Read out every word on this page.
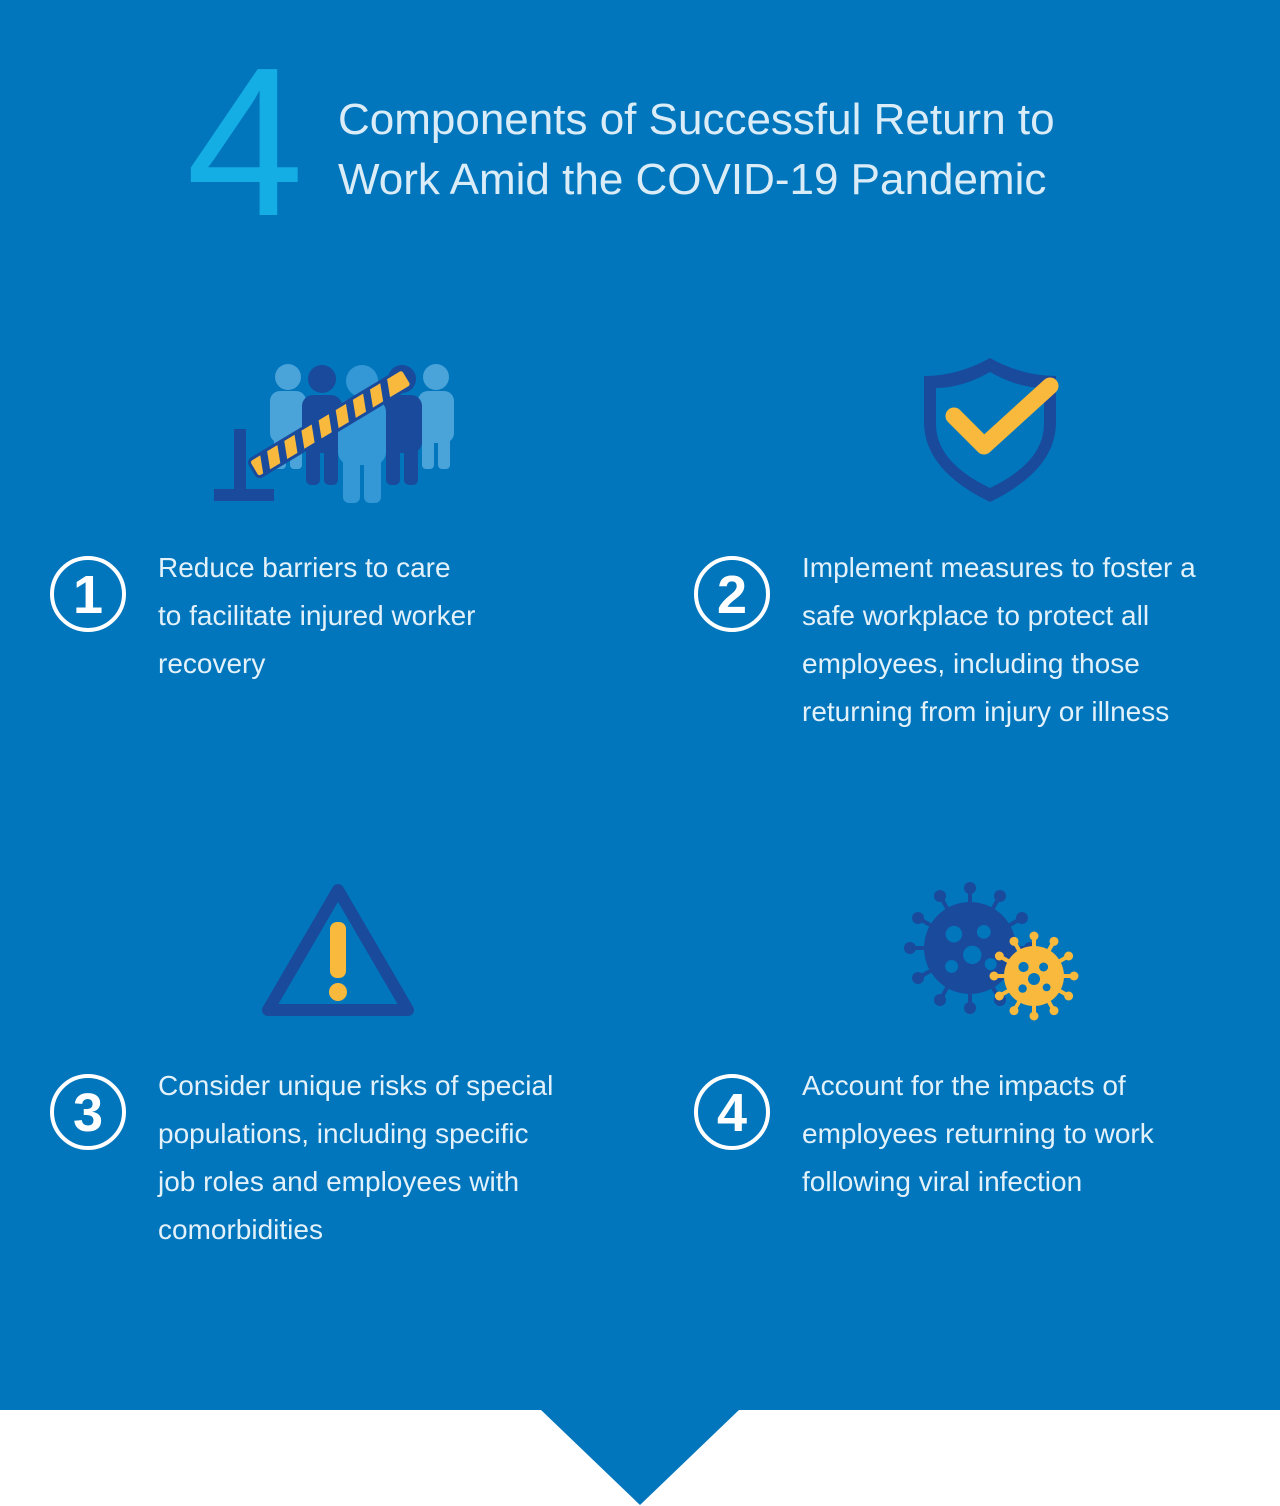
4 Components of Successful Return to
Work Amid the COVID-19 Pandemic
1	Reduce barriers to care
to facilitate injured worker
recovery
2	Implement measures to foster a
safe workplace to protect all
employees, including those
returning from injury or illness
3	Consider unique risks of special
populations, including specific
job roles and employees with
comorbidities
4	Account for the impacts of
employees returning to work
following viral infection
